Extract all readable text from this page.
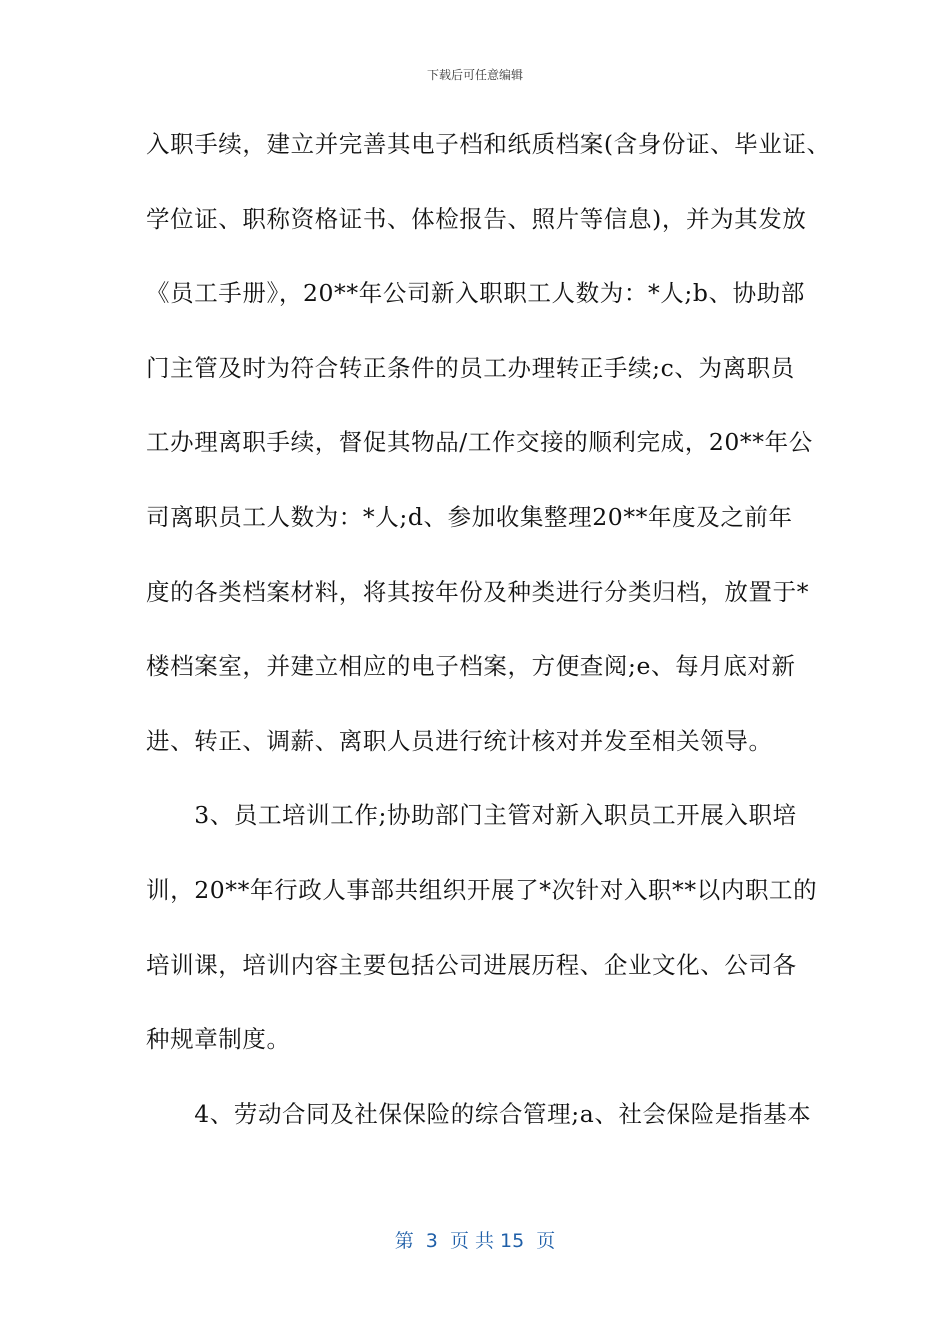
下载后可任意编辑
入职手续，建立并完善其电子档和纸质档案(含身份证、毕业证、
学位证、职称资格证书、体检报告、照片等信息)，并为其发放
《员工手册》，20**年公司新入职职工人数为：*人;b、协助部
门主管及时为符合转正条件的员工办理转正手续;c、为离职员
工办理离职手续，督促其物品/工作交接的顺利完成，20**年公
司离职员工人数为：*人;d、参加收集整理20**年度及之前年
度的各类档案材料，将其按年份及种类进行分类归档，放置于*
楼档案室，并建立相应的电子档案，方便查阅;e、每月底对新
进、转正、调薪、离职人员进行统计核对并发至相关领导。
　　3、员工培训工作;协助部门主管对新入职员工开展入职培
训，20**年行政人事部共组织开展了*次针对入职**以内职工的
培训课，培训内容主要包括公司进展历程、企业文化、公司各
种规章制度。
　　4、劳动合同及社保保险的综合管理;a、社会保险是指基本
第  3  页 共 15  页
